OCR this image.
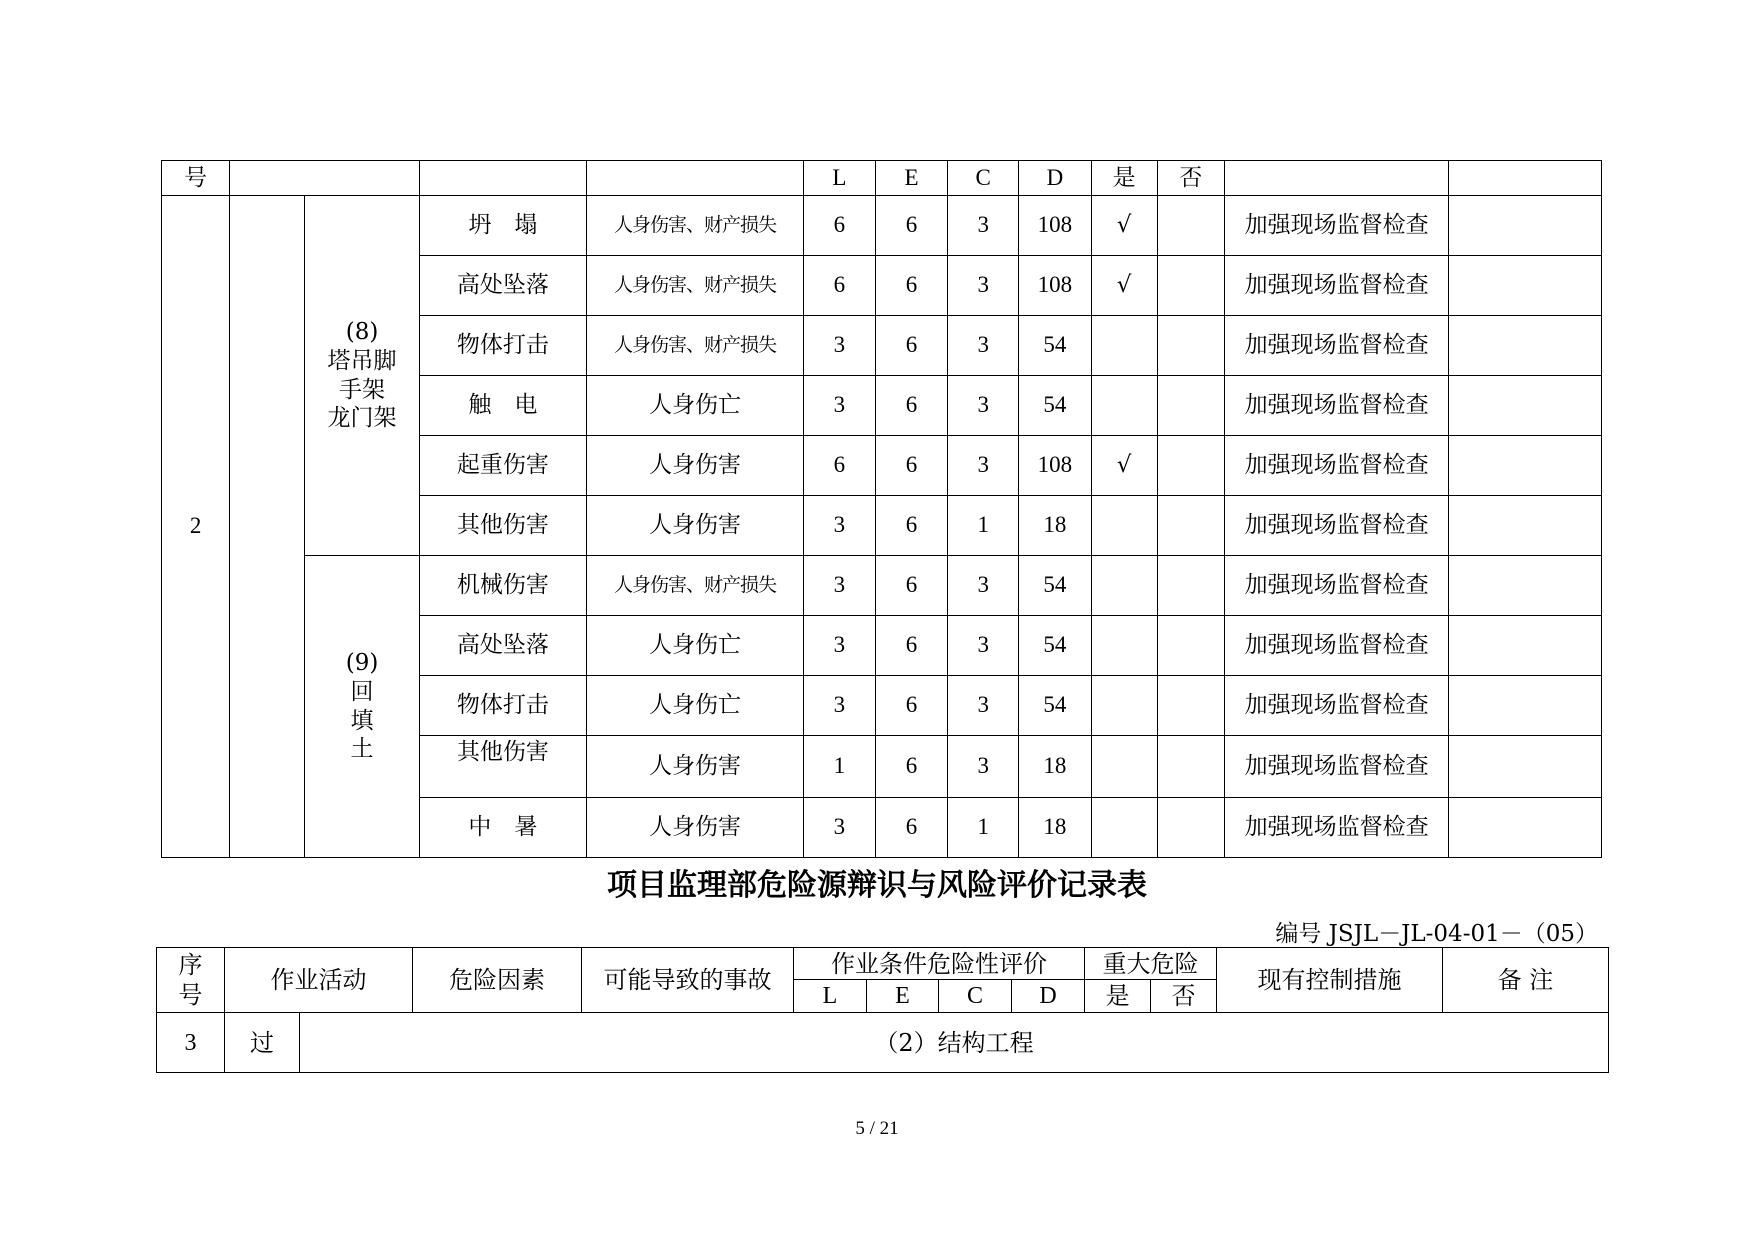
号					L	E	C	D	是	否		
2		(8)
塔吊脚
手架
龙门架	坍　塌	人身伤害、财产损失	6	6	3	108	√		加强现场监督检查	
			高处坠落	人身伤害、财产损失	6	6	3	108	√		加强现场监督检查	
			物体打击	人身伤害、财产损失	3	6	3	54			加强现场监督检查	
			触　电	人身伤亡	3	6	3	54			加强现场监督检查	
			起重伤害	人身伤害	6	6	3	108	√		加强现场监督检查	
			其他伤害	人身伤害	3	6	1	18			加强现场监督检查	

		(9)
回
填
土	机械伤害	人身伤害、财产损失	3	6	3	54			加强现场监督检查	
			高处坠落	人身伤亡	3	6	3	54			加强现场监督检查	
			物体打击	人身伤亡	3	6	3	54			加强现场监督检查	
			其他伤害	人身伤害	1	6	3	18			加强现场监督检查	
			中　暑	人身伤害	3	6	1	18			加强现场监督检查	
项目监理部危险源辩识与风险评价记录表
编号 JSJL－JL-04-01－（05）
序
号	作业活动		危险因素	可能导致的事故	作业条件危险性评价				重大危险		现有控制措施	备 注
					L	E	C	D	是	否		
3	过	（2）结构工程										
5 / 21
